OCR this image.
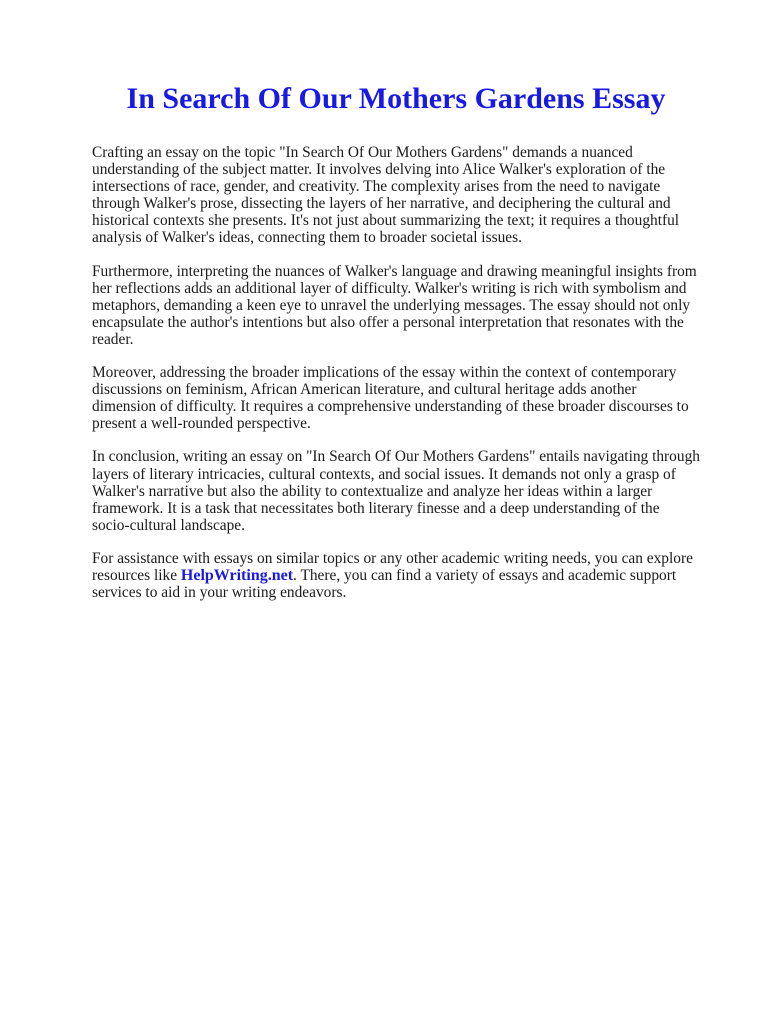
In Search Of Our Mothers Gardens Essay

Crafting an essay on the topic "In Search Of Our Mothers Gardens" demands a nuanced understanding of the subject matter. It involves delving into Alice Walker's exploration of the intersections of race, gender, and creativity. The complexity arises from the need to navigate through Walker's prose, dissecting the layers of her narrative, and deciphering the cultural and historical contexts she presents. It's not just about summarizing the text; it requires a thoughtful analysis of Walker's ideas, connecting them to broader societal issues.

Furthermore, interpreting the nuances of Walker's language and drawing meaningful insights from her reflections adds an additional layer of difficulty. Walker's writing is rich with symbolism and metaphors, demanding a keen eye to unravel the underlying messages. The essay should not only encapsulate the author's intentions but also offer a personal interpretation that resonates with the reader.

Moreover, addressing the broader implications of the essay within the context of contemporary discussions on feminism, African American literature, and cultural heritage adds another dimension of difficulty. It requires a comprehensive understanding of these broader discourses to present a well-rounded perspective.

In conclusion, writing an essay on "In Search Of Our Mothers Gardens" entails navigating through layers of literary intricacies, cultural contexts, and social issues. It demands not only a grasp of Walker's narrative but also the ability to contextualize and analyze her ideas within a larger framework. It is a task that necessitates both literary finesse and a deep understanding of the socio-cultural landscape.

For assistance with essays on similar topics or any other academic writing needs, you can explore resources like HelpWriting.net. There, you can find a variety of essays and academic support services to aid in your writing endeavors.
